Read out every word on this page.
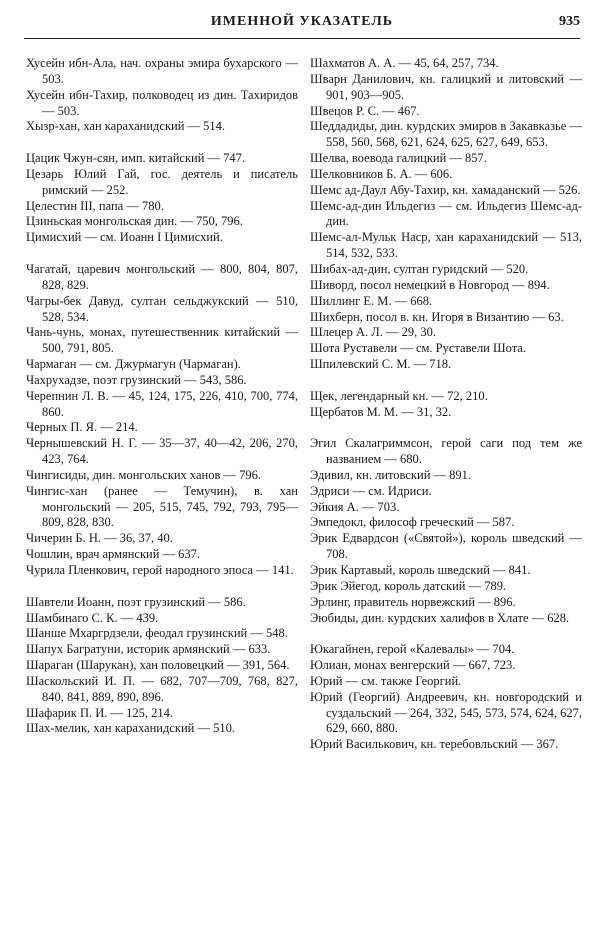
ИМЕННОЙ УКАЗАТЕЛЬ	935

Хусейн ибн-Ала, нач. охраны эмира бухарского — 503.

Хусейн ибн-Тахир, полководец из дин. Тахиридов — 503.

Хызр-хан, хан караханидский — 514.

Цацик Чжун-сян, имп. китайский — 747.

Цезарь Юлий Гай, гос. деятель и писатель римский — 252.

Целестин III, папа — 780.

Цзиньская монгольская дин. — 750, 796.

Цимисхий — см. Иоанн I Цимисхий.

Чагатай, царевич монгольский — 800, 804, 807, 828, 829.

Чагры-бек Давуд, султан сельджукский — 510, 528, 534.

Чань-чунь, монах, путешественник китайский — 500, 791, 805.

Чармаган — см. Джурмагун (Чармаган).

Чахрухадзе, поэт грузинский — 543, 586.

Черепнин Л. В. — 45, 124, 175, 226, 410, 700, 774, 860.

Черных П. Я. — 214.

Чернышевский Н. Г. — 35—37, 40—42, 206, 270, 423, 764.

Чингисиды, дин. монгольских ханов — 796.

Чингис-хан (ранее — Темучин), в. хан монгольский — 205, 515, 745, 792, 793, 795—809, 828, 830.

Чичерин Б. Н. — 36, 37, 40.

Чошлин, врач армянский — 637.

Чурила Пленкович, герой народного эпоса — 141.

Шавтели Иоанн, поэт грузинский — 586.

Шамбинаго С. К. — 439.

Шанше Мхаргрдзели, феодал грузинский — 548.

Шапух Багратуни, историк армянский — 633.

Шараган (Шарукан), хан половецкий — 391, 564.

Шаскольский И. П. — 682, 707—709, 768, 827, 840, 841, 889, 890, 896.

Шафарик П. И. — 125, 214.

Шах-мелик, хан караханидский — 510.

Шахматов А. А. — 45, 64, 257, 734.

Шварн Данилович, кн. галицкий и литовский — 901, 903—905.

Швецов Р. С. — 467.

Шеддадиды, дин. курдских эмиров в Закавказье — 558, 560, 568, 621, 624, 625, 627, 649, 653.

Шелва, воевода галицкий — 857.

Шелковников Б. А. — 606.

Шемс ад-Даул Абу-Тахир, кн. хамаданский — 526.

Шемс-ад-дин Ильдегиз — см. Ильдегиз Шемс-ад-дин.

Шемс-ал-Мульк Наср, хан караханидский — 513, 514, 532, 533.

Шибах-ад-дин, султан гуридский — 520.

Шиворд, посол немецкий в Новгород — 894.

Шиллинг Е. М. — 668.

Шихберн, посол в. кн. Игоря в Византию — 63.

Шлецер А. Л. — 29, 30.

Шота Руставели — см. Руставели Шота.

Шпилевский С. М. — 718.

Щек, легендарный кн. — 72, 210.

Щербатов М. М. — 31, 32.

Эгил Скалагриммсон, герой саги под тем же названием — 680.

Эдивил, кн. литовский — 891.

Эдриси — см. Идриси.

Эйкия А. — 703.

Эмпедокл, философ греческий — 587.

Эрик Едвардсон («Святой»), король шведский — 708.

Эрик Картавый, король шведский — 841.

Эрик Эйегод, король датский — 789.

Эрлинг, правитель норвежский — 896.

Эюбиды, дин. курдских халифов в Хлате — 628.

Юкагайнен, герой «Калевалы» — 704.

Юлиан, монах венгерский — 667, 723.

Юрий — см. также Георгий.

Юрий (Георгий) Андреевич, кн. новгородский и суздальский — 264, 332, 545, 573, 574, 624, 627, 629, 660, 880.

Юрий Василькович, кн. теребовльский — 367.
